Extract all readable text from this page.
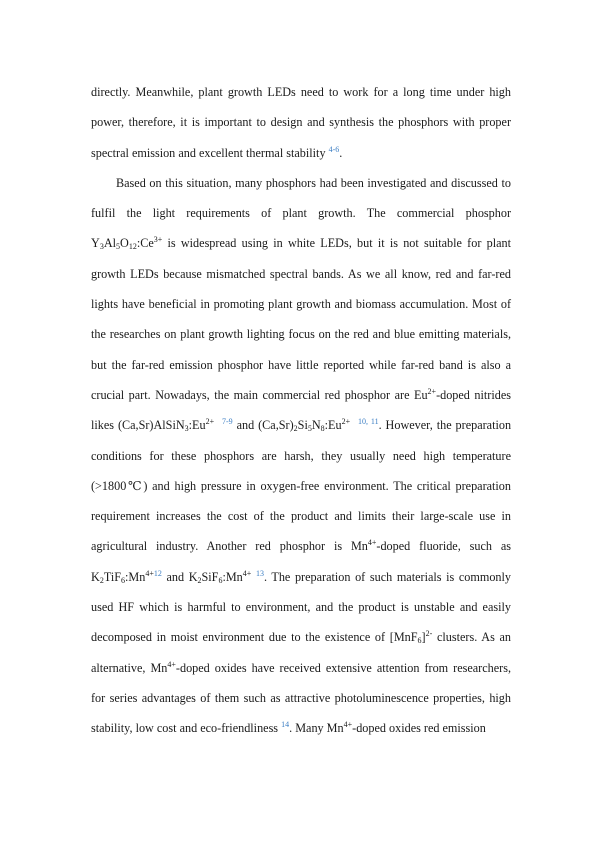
directly. Meanwhile, plant growth LEDs need to work for a long time under high power, therefore, it is important to design and synthesis the phosphors with proper spectral emission and excellent thermal stability $^{4-6}$.

Based on this situation, many phosphors had been investigated and discussed to fulfil the light requirements of plant growth. The commercial phosphor $Y_3Al_5O_{12}:Ce^{3+}$ is widespread using in white LEDs, but it is not suitable for plant growth LEDs because mismatched spectral bands. As we all know, red and far-red lights have beneficial in promoting plant growth and biomass accumulation. Most of the researches on plant growth lighting focus on the red and blue emitting materials, but the far-red emission phosphor have little reported while far-red band is also a crucial part. Nowadays, the main commercial red phosphor are $Eu^{2+}$-doped nitrides likes $(Ca,Sr)AlSiN_3:Eu^{2+}$ $^{7-9}$ and $(Ca,Sr)_2Si_5N_8:Eu^{2+}$ $^{10, 11}$. However, the preparation conditions for these phosphors are harsh, they usually need high temperature (>1800℃) and high pressure in oxygen-free environment. The critical preparation requirement increases the cost of the product and limits their large-scale use in agricultural industry. Another red phosphor is $Mn^{4+}$-doped fluoride, such as $K_2TiF_6:Mn^{4+12}$ and $K_2SiF_6:Mn^{4+}$ $^{13}$. The preparation of such materials is commonly used HF which is harmful to environment, and the product is unstable and easily decomposed in moist environment due to the existence of $[MnF_6]^{2-}$ clusters. As an alternative, $Mn^{4+}$-doped oxides have received extensive attention from researchers, for series advantages of them such as attractive photoluminescence properties, high stability, low cost and eco-friendliness $^{14}$. Many $Mn^{4+}$-doped oxides red emission
